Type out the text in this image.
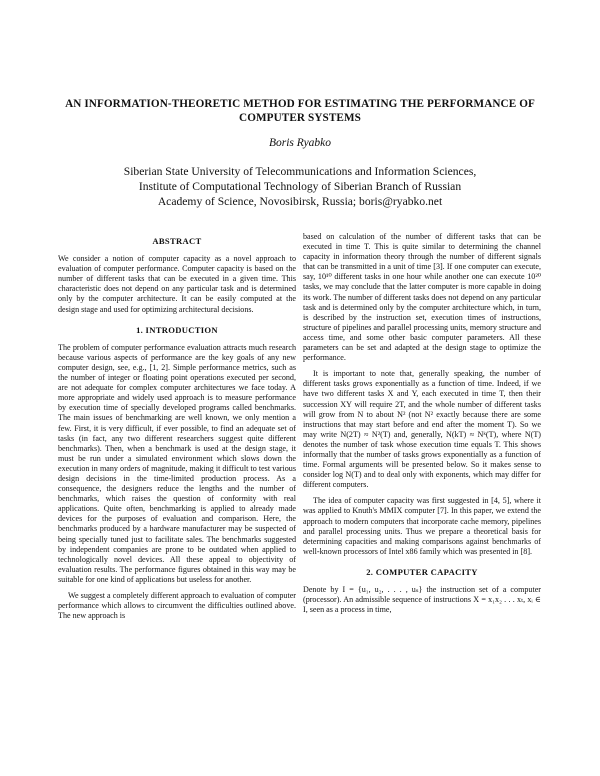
AN INFORMATION-THEORETIC METHOD FOR ESTIMATING THE PERFORMANCE OF COMPUTER SYSTEMS

Boris Ryabko

Siberian State University of Telecommunications and Information Sciences,
Institute of Computational Technology of Siberian Branch of Russian
Academy of Science, Novosibirsk, Russia; boris@ryabko.net
ABSTRACT

We consider a notion of computer capacity as a novel approach to evaluation of computer performance. Computer capacity is based on the number of different tasks that can be executed in a given time. This characteristic does not depend on any particular task and is determined only by the computer architecture. It can be easily computed at the design stage and used for optimizing architectural decisions.

1. INTRODUCTION

The problem of computer performance evaluation attracts much research because various aspects of performance are the key goals of any new computer design, see, e.g., [1, 2]. Simple performance metrics, such as the number of integer or floating point operations executed per second, are not adequate for complex computer architectures we face today. A more appropriate and widely used approach is to measure performance by execution time of specially developed programs called benchmarks. The main issues of benchmarking are well known, we only mention a few. First, it is very difficult, if ever possible, to find an adequate set of tasks (in fact, any two different researchers suggest quite different benchmarks). Then, when a benchmark is used at the design stage, it must be run under a simulated environment which slows down the execution in many orders of magnitude, making it difficult to test various design decisions in the time-limited production process. As a consequence, the designers reduce the lengths and the number of benchmarks, which raises the question of conformity with real applications. Quite often, benchmarking is applied to already made devices for the purposes of evaluation and comparison. Here, the benchmarks produced by a hardware manufacturer may be suspected of being specially tuned just to facilitate sales. The benchmarks suggested by independent companies are prone to be outdated when applied to technologically novel devices. All these appeal to objectivity of evaluation results. The performance figures obtained in this way may be suitable for one kind of applications but useless for another.

We suggest a completely different approach to evaluation of computer performance which allows to circumvent the difficulties outlined above. The new approach is

based on calculation of the number of different tasks that can be executed in time T. This is quite similar to determining the channel capacity in information theory through the number of different signals that can be transmitted in a unit of time [3]. If one computer can execute, say, 10¹⁰ different tasks in one hour while another one can execute 10²⁰ tasks, we may conclude that the latter computer is more capable in doing its work. The number of different tasks does not depend on any particular task and is determined only by the computer architecture which, in turn, is described by the instruction set, execution times of instructions, structure of pipelines and parallel processing units, memory structure and access time, and some other basic computer parameters. All these parameters can be set and adapted at the design stage to optimize the performance.

It is important to note that, generally speaking, the number of different tasks grows exponentially as a function of time. Indeed, if we have two different tasks X and Y, each executed in time T, then their succession XY will require 2T, and the whole number of different tasks will grow from N to about N² (not N² exactly because there are some instructions that may start before and end after the moment T). So we may write N(2T) ≈ N²(T) and, generally, N(kT) ≈ Nᵏ(T), where N(T) denotes the number of task whose execution time equals T. This shows informally that the number of tasks grows exponentially as a function of time. Formal arguments will be presented below. So it makes sense to consider log N(T) and to deal only with exponents, which may differ for different computers.

The idea of computer capacity was first suggested in [4, 5], where it was applied to Knuth's MMIX computer [7]. In this paper, we extend the approach to modern computers that incorporate cache memory, pipelines and parallel processing units. Thus we prepare a theoretical basis for determining capacities and making comparisons against benchmarks of well-known processors of Intel x86 family which was presented in [8].

2. COMPUTER CAPACITY

Denote by I = {u₁, u₂, . . . , uₛ} the instruction set of a computer (processor). An admissible sequence of instructions X = x₁x₂ . . . xₜ, xᵢ ∈ I, seen as a process in time,
